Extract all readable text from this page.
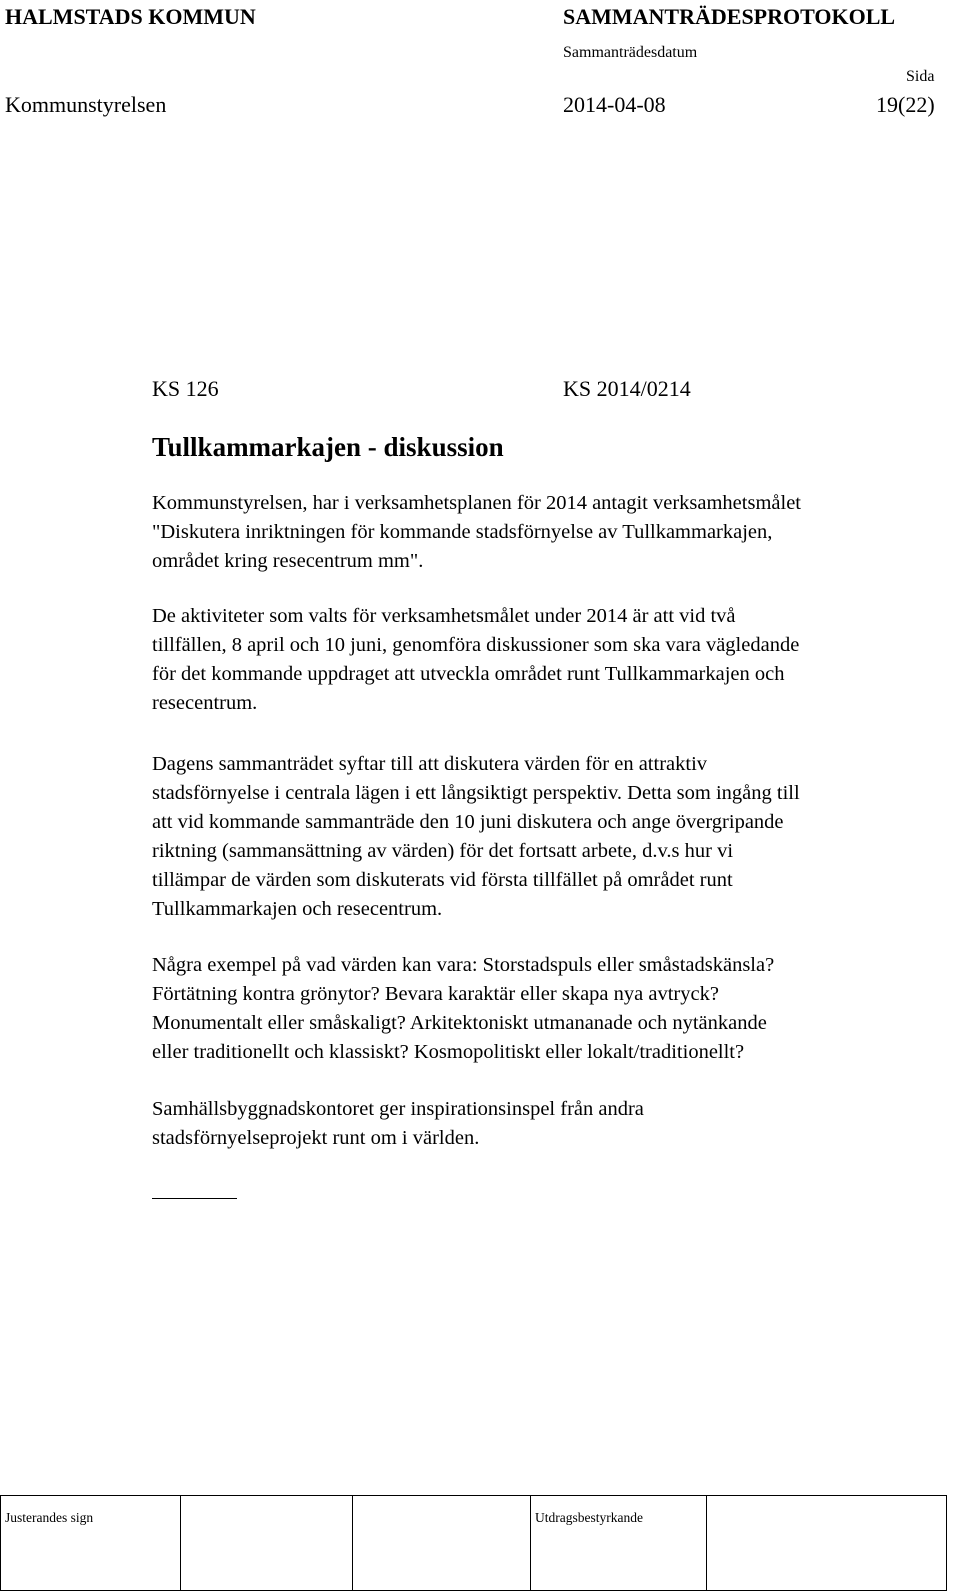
HALMSTADS KOMMUN	SAMMANTRÄDESPROTOKOLL
Sammanträdesdatum
Sida
Kommunstyrelsen	2014-04-08	19(22)
KS 126	KS 2014/0214
Tullkammarkajen - diskussion
Kommunstyrelsen, har i verksamhetsplanen för 2014 antagit verksamhetsmålet
"Diskutera inriktningen för kommande stadsförnyelse av Tullkammarkajen,
området kring resecentrum mm".
De aktiviteter som valts för verksamhetsmålet under 2014 är att vid två
tillfällen, 8 april och 10 juni, genomföra diskussioner som ska vara vägledande
för det kommande uppdraget att utveckla området runt Tullkammarkajen och
resecentrum.
Dagens sammanträdet syftar till att diskutera värden för en attraktiv
stadsförnyelse i centrala lägen i ett långsiktigt perspektiv. Detta som ingång till
att vid kommande sammanträde den 10 juni diskutera och ange övergripande
riktning (sammansättning av värden) för det fortsatt arbete, d.v.s hur vi
tillämpar de värden som diskuterats vid första tillfället på området runt
Tullkammarkajen och resecentrum.
Några exempel på vad värden kan vara: Storstadspuls eller småstadskänsla?
Förtätning kontra grönytor? Bevara karaktär eller skapa nya avtryck?
Monumentalt eller småskaligt? Arkitektoniskt utmananade och nytänkande
eller traditionellt och klassiskt? Kosmopolitiskt eller lokalt/traditionellt?
Samhällsbyggnadskontoret ger inspirationsinspel från andra
stadsförnyelseprojekt runt om i världen.
Justerandes sign			Utdragsbestyrkande	
